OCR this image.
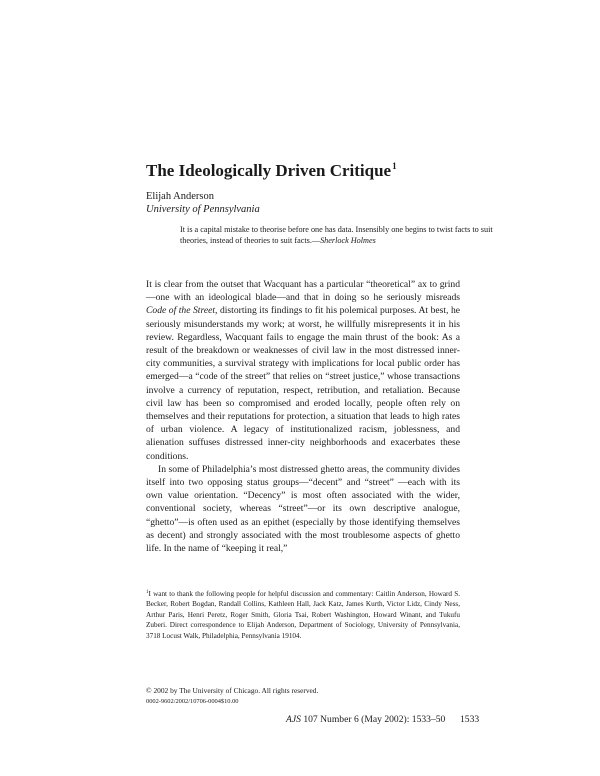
The Ideologically Driven Critique$^1$
Elijah Anderson
University of Pennsylvania

It is a capital mistake to theorise before one has data. Insensibly one begins to twist facts to suit theories, instead of theories to suit facts.—Sherlock Holmes

It is clear from the outset that Wacquant has a particular “theoretical” ax to grind—one with an ideological blade—and that in doing so he seriously misreads Code of the Street, distorting its findings to fit his polemical purposes. At best, he seriously misunderstands my work; at worst, he willfully misrepresents it in his review. Regardless, Wacquant fails to engage the main thrust of the book: As a result of the breakdown or weaknesses of civil law in the most distressed inner-city communities, a survival strategy with implications for local public order has emerged—a “code of the street” that relies on “street justice,” whose transactions involve a currency of reputation, respect, retribution, and retaliation. Because civil law has been so compromised and eroded locally, people often rely on themselves and their reputations for protection, a situation that leads to high rates of urban violence. A legacy of institutionalized racism, joblessness, and alienation suffuses distressed inner-city neighborhoods and exacerbates these conditions.

In some of Philadelphia’s most distressed ghetto areas, the community divides itself into two opposing status groups—“decent” and “street” —each with its own value orientation. “Decency” is most often associated with the wider, conventional society, whereas “street”—or its own descriptive analogue, “ghetto”—is often used as an epithet (especially by those identifying themselves as decent) and strongly associated with the most troublesome aspects of ghetto life. In the name of “keeping it real,”

$^1$I want to thank the following people for helpful discussion and commentary: Caitlin Anderson, Howard S. Becker, Robert Bogdan, Randall Collins, Kathleen Hall, Jack Katz, James Kurth, Victor Lidz, Cindy Ness, Arthur Paris, Henri Peretz, Roger Smith, Gloria Tsai, Robert Washington, Howard Winant, and Tukufu Zuberi. Direct correspondence to Elijah Anderson, Department of Sociology, University of Pennsylvania, 3718 Locust Walk, Philadelphia, Pennsylvania 19104.

© 2002 by The University of Chicago. All rights reserved.
0002-9602/2002/10706-0004$10.00
AJS 107 Number 6 (May 2002): 1533–50 1533
